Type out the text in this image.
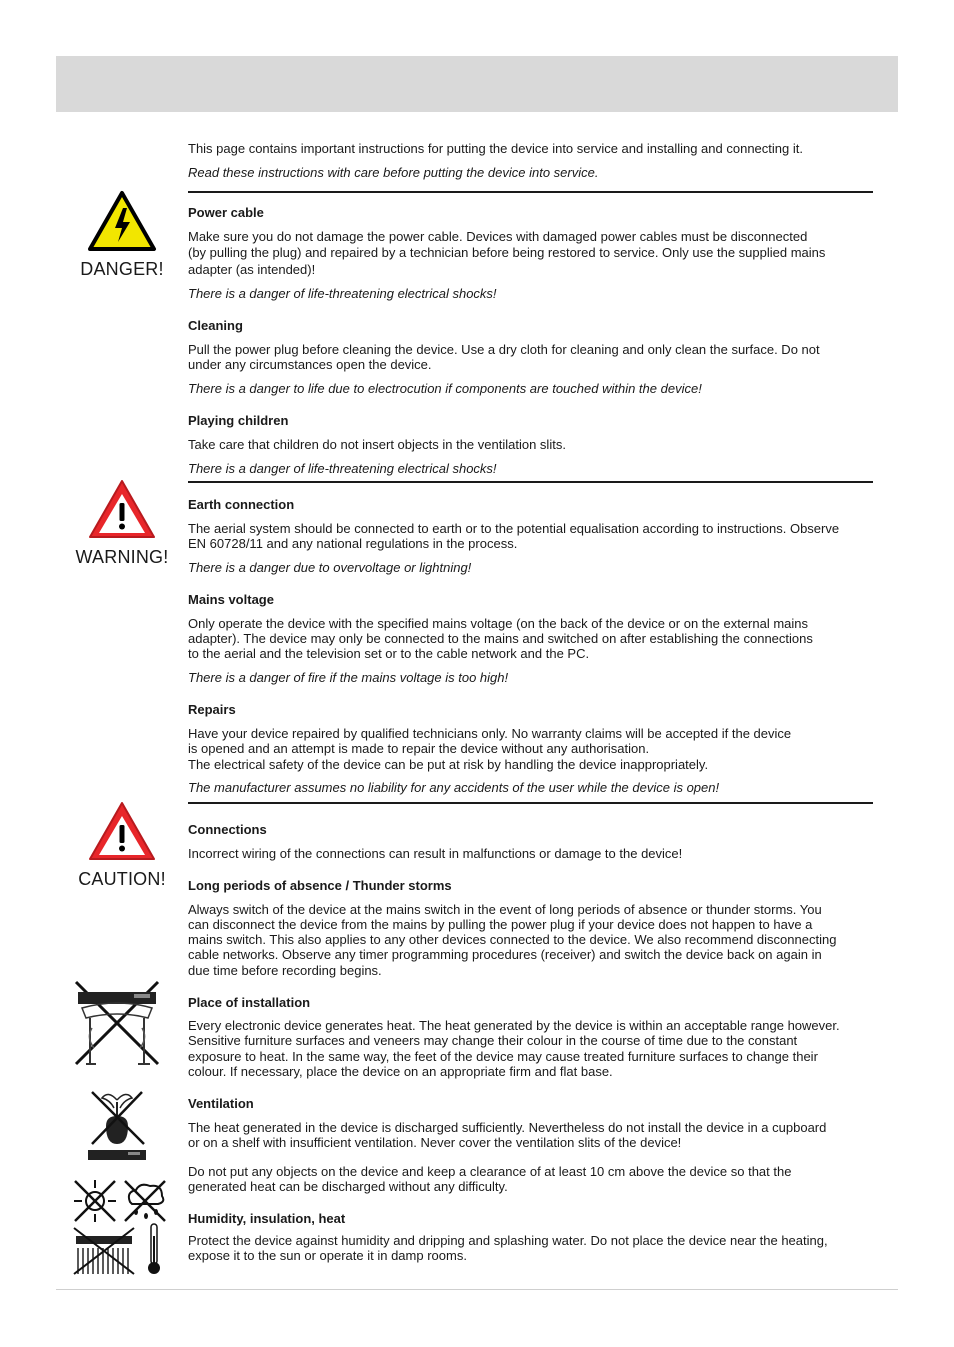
This page contains important instructions for putting the device into service and installing and connecting it.

Read these instructions with care before putting the device into service.

DANGER!

Power cable

Make sure you do not damage the power cable. Devices with damaged power cables must be disconnected

(by pulling the plug) and repaired by a technician before being restored to service. Only use the supplied mains

adapter (as intended)!

There is a danger of life-threatening electrical shocks!

Cleaning

Pull the power plug before cleaning the device. Use a dry cloth for cleaning and only clean the surface. Do not

under any circumstances open the device.

There is a danger to life due to electrocution if components are touched within the device!

Playing children

Take care that children do not insert objects in the ventilation slits.

There is a danger of life-threatening electrical shocks!

WARNING!

Earth connection

The aerial system should be connected to earth or to the potential equalisation according to instructions. Observe

EN 60728/11 and any national regulations in the process.

There is a danger due to overvoltage or lightning!

Mains voltage

Only operate the device with the specified mains voltage (on the back of the device or on the external mains

adapter). The device may only be connected to the mains and switched on after establishing the connections

to the aerial and the television set or to the cable network and the PC.

There is a danger of fire if the mains voltage is too high!

Repairs

Have your device repaired by qualified technicians only. No warranty claims will be accepted if the device

is opened and an attempt is made to repair the device without any authorisation.

The electrical safety of the device can be put at risk by handling the device inappropriately.

The manufacturer assumes no liability for any accidents of the user while the device is open!

CAUTION!

Connections

Incorrect wiring of the connections can result in malfunctions or damage to the device!

Long periods of absence / Thunder storms

Always switch of the device at the mains switch in the event of long periods of absence or thunder storms. You

can disconnect the device from the mains by pulling the power plug if your device does not happen to have a

mains switch. This also applies to any other devices connected to the device. We also recommend disconnecting

cable networks. Observe any timer programming procedures (receiver) and switch the device back on again in

due time before recording begins.

Place of installation

Every electronic device generates heat. The heat generated by the device is within an acceptable range however.

Sensitive furniture surfaces and veneers may change their colour in the course of time due to the constant

exposure to heat. In the same way, the feet of the device may cause treated furniture surfaces to change their

colour. If necessary, place the device on an appropriate firm and flat base.

Ventilation

The heat generated in the device is discharged sufficiently. Nevertheless do not install the device in a cupboard

or on a shelf with insufficient ventilation. Never cover the ventilation slits of the device!

Do not put any objects on the device and keep a clearance of at least 10 cm above the device so that the

generated heat can be discharged without any difficulty.

Humidity, insulation, heat

Protect the device against humidity and dripping and splashing water. Do not place the device near the heating,

expose it to the sun or operate it in damp rooms.
